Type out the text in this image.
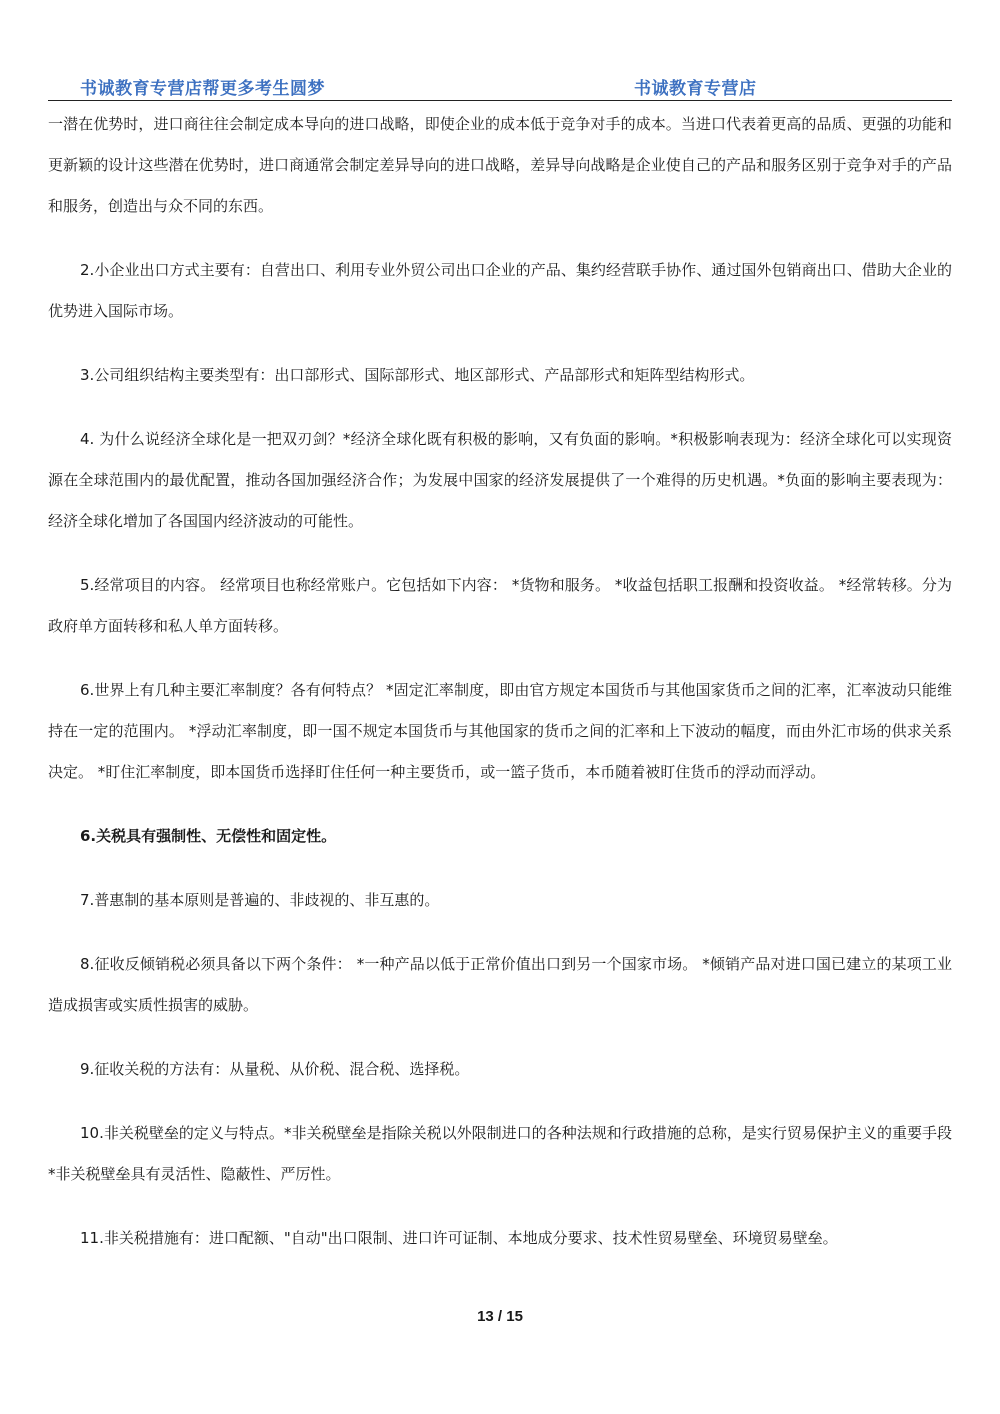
书诚教育专营店帮更多考生圆梦	书诚教育专营店

一潜在优势时，进口商往往会制定成本导向的进口战略，即使企业的成本低于竞争对手的成本。当进口代表着更高的品质、更强的功能和更新颖的设计这些潜在优势时，进口商通常会制定差异导向的进口战略，差异导向战略是企业使自己的产品和服务区别于竞争对手的产品和服务，创造出与众不同的东西。

2.小企业出口方式主要有：自营出口、利用专业外贸公司出口企业的产品、集约经营联手协作、通过国外包销商出口、借助大企业的优势进入国际市场。

3.公司组织结构主要类型有：出口部形式、国际部形式、地区部形式、产品部形式和矩阵型结构形式。

4. 为什么说经济全球化是一把双刃剑？*经济全球化既有积极的影响，又有负面的影响。*积极影响表现为：经济全球化可以实现资源在全球范围内的最优配置，推动各国加强经济合作；为发展中国家的经济发展提供了一个难得的历史机遇。*负面的影响主要表现为：经济全球化增加了各国国内经济波动的可能性。

5.经常项目的内容。 经常项目也称经常账户。它包括如下内容： *货物和服务。 *收益包括职工报酬和投资收益。 *经常转移。分为政府单方面转移和私人单方面转移。

6.世界上有几种主要汇率制度？各有何特点？ *固定汇率制度，即由官方规定本国货币与其他国家货币之间的汇率，汇率波动只能维持在一定的范围内。 *浮动汇率制度，即一国不规定本国货币与其他国家的货币之间的汇率和上下波动的幅度，而由外汇市场的供求关系决定。 *盯住汇率制度，即本国货币选择盯住任何一种主要货币，或一篮子货币，本币随着被盯住货币的浮动而浮动。

6.关税具有强制性、无偿性和固定性。

7.普惠制的基本原则是普遍的、非歧视的、非互惠的。

8.征收反倾销税必须具备以下两个条件： *一种产品以低于正常价值出口到另一个国家市场。 *倾销产品对进口国已建立的某项工业造成损害或实质性损害的威胁。

9.征收关税的方法有：从量税、从价税、混合税、选择税。

10.非关税壁垒的定义与特点。*非关税壁垒是指除关税以外限制进口的各种法规和行政措施的总称，是实行贸易保护主义的重要手段 *非关税壁垒具有灵活性、隐蔽性、严厉性。

11.非关税措施有：进口配额、"自动"出口限制、进口许可证制、本地成分要求、技术性贸易壁垒、环境贸易壁垒。

13 / 15
